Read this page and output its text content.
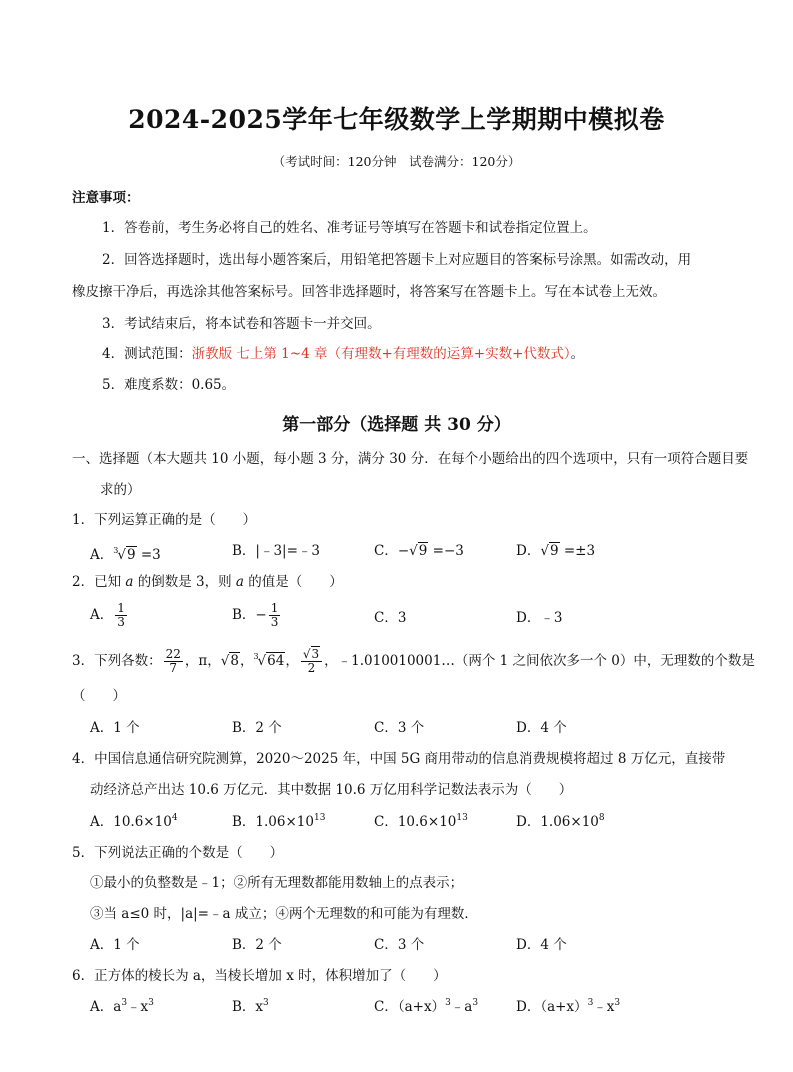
2024-2025学年七年级数学上学期期中模拟卷
（考试时间：120分钟　试卷满分：120分）
注意事项：
1．答卷前，考生务必将自己的姓名、准考证号等填写在答题卡和试卷指定位置上。
2．回答选择题时，选出每小题答案后，用铅笔把答题卡上对应题目的答案标号涂黑。如需改动，用
橡皮擦干净后，再选涂其他答案标号。回答非选择题时，将答案写在答题卡上。写在本试卷上无效。
3．考试结束后，将本试卷和答题卡一并交回。
4．测试范围：浙教版 七上第 1~4 章（有理数+有理数的运算+实数+代数式）。
5．难度系数：0.65。
第一部分（选择题 共 30 分）
一、选择题（本大题共 10 小题，每小题 3 分，满分 30 分．在每个小题给出的四个选项中，只有一项符合题目要
求的）
1．下列运算正确的是（　　）
A．$^3$√9 =3	B．|﹣3|=﹣3	C．−√9 =−3	D．√9 =±3
2．已知 a 的倒数是 3，则 a 的值是（　　）
A． $\frac{1}{3}$	B．− $\frac{1}{3}$	C．3	D．﹣3
3．下列各数： $\frac{22}{7}$ ，π，√8，$^3$√64， $\frac{√3}{2}$ ，﹣1.010010001…（两个 1 之间依次多一个 0）中，无理数的个数是
（　　）
A．1 个	B．2 个	C．3 个	D．4 个
4．中国信息通信研究院测算，2020～2025 年，中国 5G 商用带动的信息消费规模将超过 8 万亿元，直接带
动经济总产出达 10.6 万亿元．其中数据 10.6 万亿用科学记数法表示为（　　）
A．$10.6\times 10^4$	B．$1.06\times 10^{13}$	C．$10.6\times 10^{13}$	D．$1.06\times 10^8$
5．下列说法正确的个数是（　　）
①最小的负整数是﹣1；②所有无理数都能用数轴上的点表示；
③当 a≤0 时，|a|=﹣a 成立；④两个无理数的和可能为有理数．
A．1 个	B．2 个	C．3 个	D．4 个
6．正方体的棱长为 a，当棱长增加 x 时，体积增加了（　　）
A．$a^3﹣x^3$	B．$x^3$	C．$(a+x)^3﹣a^3$	D．$(a+x)^3﹣x^3$
